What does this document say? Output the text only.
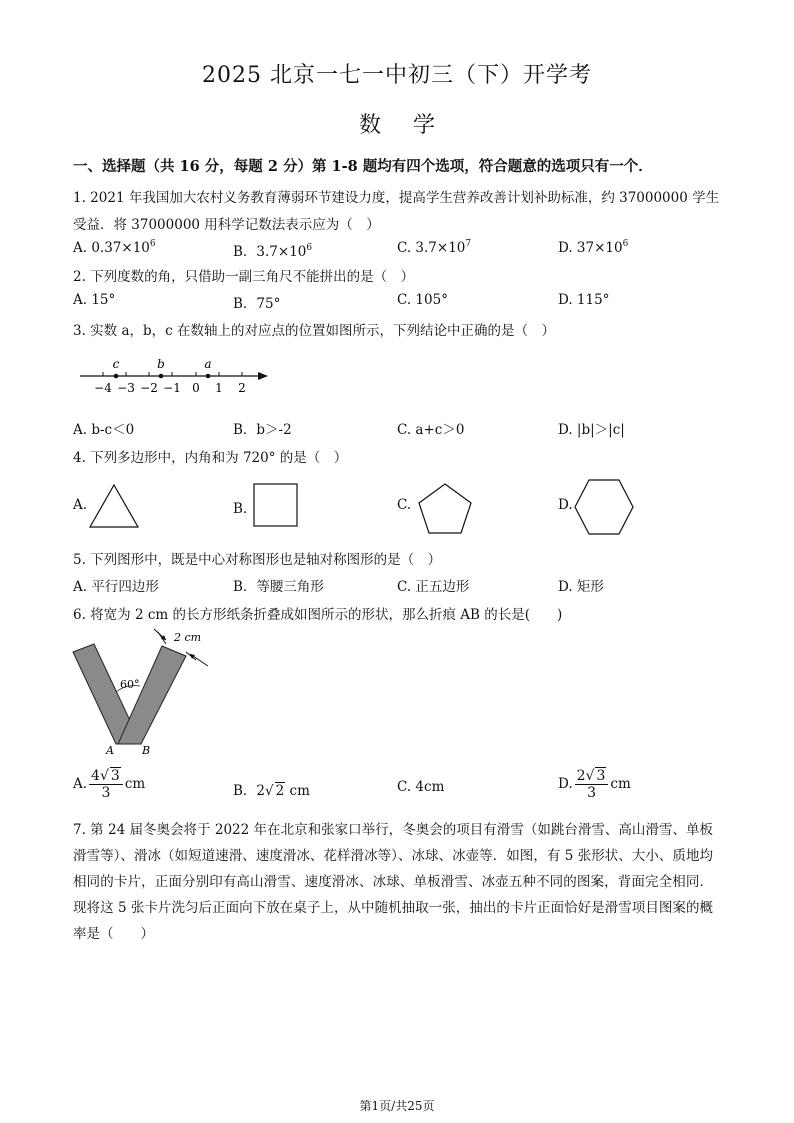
2025 北京一七一中初三（下）开学考
数学
一、选择题（共 16 分，每题 2 分）第 1-8 题均有四个选项，符合题意的选项只有一个．
1. 2021 年我国加大农村义务教育薄弱环节建设力度，提高学生营养改善计划补助标准，约 37000000 学生
受益．将 37000000 用科学记数法表示应为（　）
A. $0.37\times 10^6$	B．$3.7\times 10^6$	C. $3.7\times 10^7$	D. $37\times 10^6$
2. 下列度数的角，只借助一副三角尺不能拼出的是（　）
A. 15°	B．75°	C. 105°	D. 115°
3. 实数 a，b，c 在数轴上的对应点的位置如图所示，下列结论中正确的是（　）
−4 −3 −2 −1 0 1 2
c	b	a
A. b-c＜0	B．b＞-2	C. a+c＞0	D. |b|＞|c|
4. 下列多边形中，内角和为 720° 的是（　）
A.	B．	C.	D.
5. 下列图形中，既是中心对称图形也是轴对称图形的是（　）
A. 平行四边形	B．等腰三角形	C. 正五边形	D. 矩形
6. 将宽为 2 cm 的长方形纸条折叠成如图所示的形状，那么折痕 AB 的长是(　　)
2 cm
60°
A	B
A. $\frac{4√ 3}{3}$ cm	B．2√ 2 cm	C. 4cm	D. $\frac{2√ 3}{3}$ cm
7. 第 24 届冬奥会将于 2022 年在北京和张家口举行，冬奥会的项目有滑雪（如跳台滑雪、高山滑雪、单板滑雪等）、滑冰（如短道速滑、速度滑冰、花样滑冰等）、冰球、冰壶等．如图，有 5 张形状、大小、质地均相同的卡片，正面分别印有高山滑雪、速度滑冰、冰球、单板滑雪、冰壶五种不同的图案，背面完全相同．现将这 5 张卡片洗匀后正面向下放在桌子上，从中随机抽取一张，抽出的卡片正面恰好是滑雪项目图案的概率是（　　）
第1页/共25页
